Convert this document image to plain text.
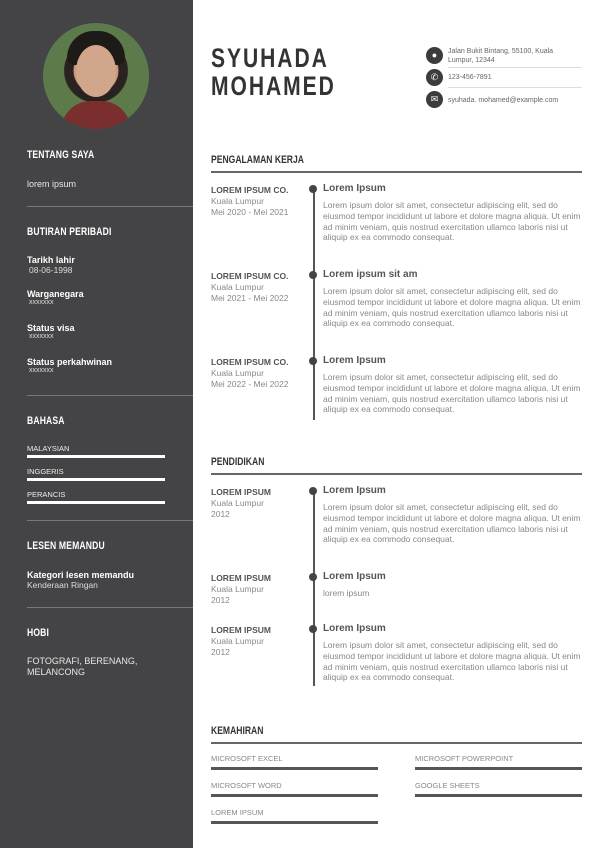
TENTANG SAYA
lorem ipsum
BUTIRAN PERIBADI
Tarikh lahir
08-06-1998
Warganegara
xxxxxxx
Status visa
xxxxxxx
Status perkahwinan
xxxxxxx
BAHASA
MALAYSIAN
INGGERIS
PERANCIS
LESEN MEMANDU
Kategori lesen memandu
Kenderaan Ringan
HOBI
FOTOGRAFI, BERENANG, MELANCONG
SYUHADA
MOHAMED
●	Jalan Bukit Bintang, 55100, Kuala Lumpur, 12344
✆	123-456-7891
✉	syuhada. mohamed@example.com
PENGALAMAN KERJA
PENDIDIKAN
LOREM IPSUM CO.
Kuala Lumpur
Mei 2020 - Mei 2021
Lorem Ipsum
Lorem ipsum dolor sit amet, consectetur adipiscing elit, sed do eiusmod tempor incididunt ut labore et dolore magna aliqua. Ut enim ad minim veniam, quis nostrud exercitation ullamco laboris nisi ut aliquip ex ea commodo consequat.
LOREM IPSUM CO.
Kuala Lumpur
Mei 2021 - Mei 2022
Lorem ipsum sit am
Lorem ipsum dolor sit amet, consectetur adipiscing elit, sed do eiusmod tempor incididunt ut labore et dolore magna aliqua. Ut enim ad minim veniam, quis nostrud exercitation ullamco laboris nisi ut aliquip ex ea commodo consequat.
LOREM IPSUM CO.
Kuala Lumpur
Mei 2022 - Mei 2022
Lorem Ipsum
Lorem ipsum dolor sit amet, consectetur adipiscing elit, sed do eiusmod tempor incididunt ut labore et dolore magna aliqua. Ut enim ad minim veniam, quis nostrud exercitation ullamco laboris nisi ut aliquip ex ea commodo consequat.
LOREM IPSUM
Kuala Lumpur
2012
Lorem Ipsum
Lorem ipsum dolor sit amet, consectetur adipiscing elit, sed do eiusmod tempor incididunt ut labore et dolore magna aliqua. Ut enim ad minim veniam, quis nostrud exercitation ullamco laboris nisi ut aliquip ex ea commodo consequat.
LOREM IPSUM
Kuala Lumpur
2012
Lorem Ipsum
lorem ipsum
LOREM IPSUM
Kuala Lumpur
2012
Lorem Ipsum
Lorem ipsum dolor sit amet, consectetur adipiscing elit, sed do eiusmod tempor incididunt ut labore et dolore magna aliqua. Ut enim ad minim veniam, quis nostrud exercitation ullamco laboris nisi ut aliquip ex ea commodo consequat.
KEMAHIRAN
MICROSOFT EXCEL	MICROSOFT POWERPOINT
MICROSOFT WORD	GOOGLE SHEETS
LOREM IPSUM
